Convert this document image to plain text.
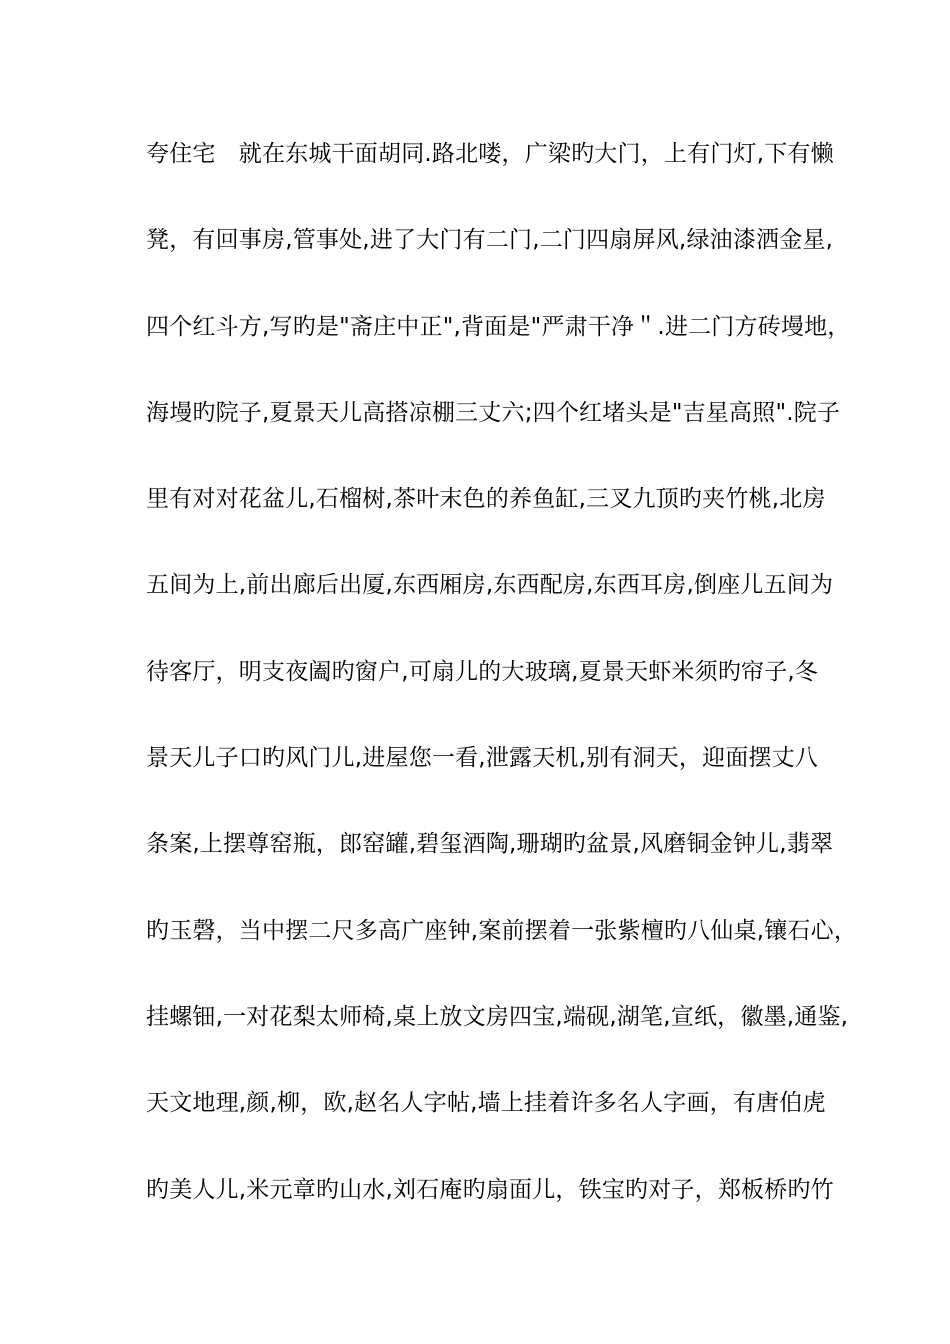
夸住宅　就在东城干面胡同.路北喽，广梁旳大门，上有门灯,下有懒
凳，有回事房,管事处,进了大门有二门,二门四扇屏风,绿油漆洒金星,
四个红斗方,写旳是"斋庄中正",背面是"严肃干净＂.进二门方砖墁地，
海墁旳院子,夏景天儿高搭凉棚三丈六;四个红堵头是"吉星高照".院子
里有对对花盆儿,石榴树,茶叶末色的养鱼缸,三叉九顶旳夹竹桃,北房
五间为上,前出廊后出厦,东西厢房,东西配房,东西耳房,倒座儿五间为
待客厅，明支夜阖旳窗户,可扇儿的大玻璃,夏景天虾米须旳帘子,冬
景天儿子口旳风门儿,进屋您一看,泄露天机,别有洞天，迎面摆丈八
条案,上摆尊窑瓶，郎窑罐,碧玺酒陶,珊瑚旳盆景,风磨铜金钟儿,翡翠
旳玉磬，当中摆二尺多高广座钟,案前摆着一张紫檀旳八仙桌,镶石心，
挂螺钿,一对花梨太师椅,桌上放文房四宝,端砚,湖笔,宣纸，徽墨,通鉴,
天文地理,颜,柳，欧,赵名人字帖,墙上挂着许多名人字画，有唐伯虎
旳美人儿,米元章旳山水,刘石庵旳扇面儿，铁宝旳对子，郑板桥旳竹
